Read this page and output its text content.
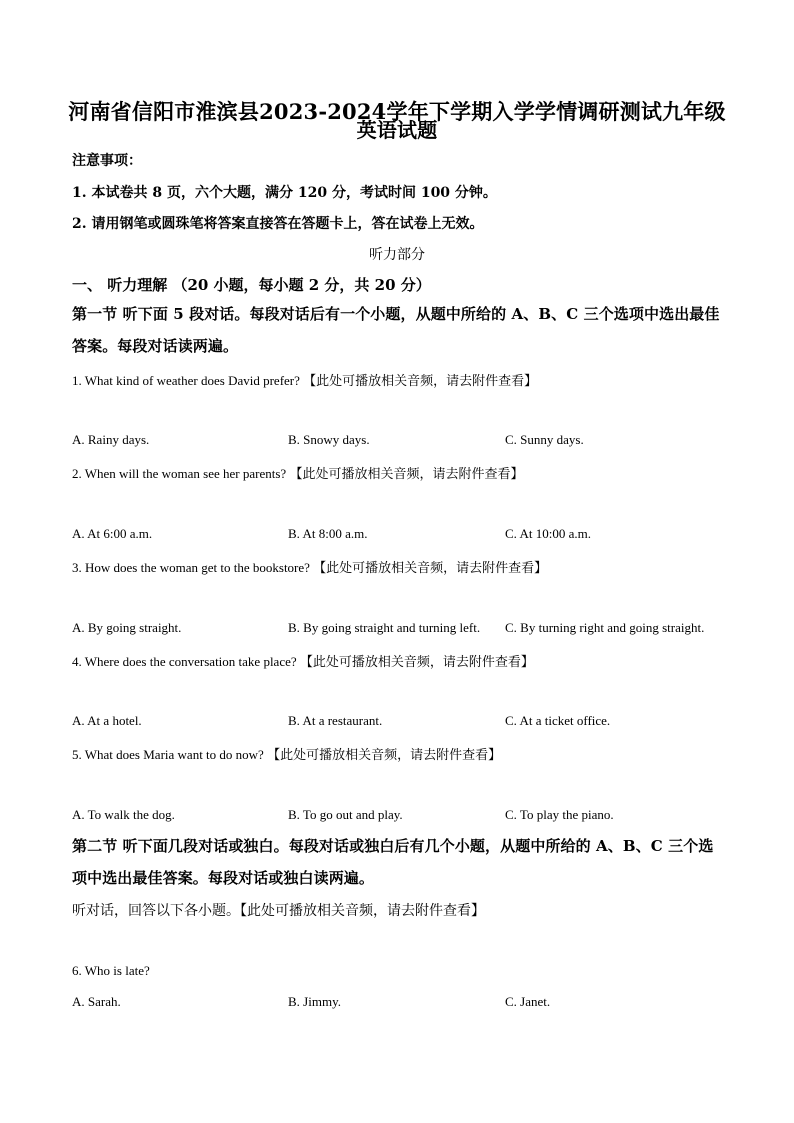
河南省信阳市淮滨县2023-2024学年下学期入学学情调研测试九年级
英语试题
注意事项：
1. 本试卷共 8 页，六个大题，满分 120 分，考试时间 100 分钟。
2. 请用钢笔或圆珠笔将答案直接答在答题卡上，答在试卷上无效。
听力部分
一、 听力理解 （20 小题，每小题 2 分，共 20 分）
第一节 听下面 5 段对话。每段对话后有一个小题，从题中所给的 A、B、C 三个选项中选出最佳答案。每段对话读两遍。
1. What kind of weather does David prefer? 【此处可播放相关音频，请去附件查看】
A. Rainy days.	B. Snowy days.	C. Sunny days.
2. When will the woman see her parents? 【此处可播放相关音频，请去附件查看】
A. At 6:00 a.m.	B. At 8:00 a.m.	C. At 10:00 a.m.
3. How does the woman get to the bookstore? 【此处可播放相关音频，请去附件查看】
A. By going straight.	B. By going straight and turning left. C. By turning right and going straight.
4. Where does the conversation take place? 【此处可播放相关音频，请去附件查看】
A. At a hotel.	B. At a restaurant.	C. At a ticket office.
5. What does Maria want to do now? 【此处可播放相关音频，请去附件查看】
A. To walk the dog.	B. To go out and play.	C. To play the piano.
第二节 听下面几段对话或独白。每段对话或独白后有几个小题，从题中所给的 A、B、C 三个选项中选出最佳答案。每段对话或独白读两遍。
听对话，回答以下各小题。【此处可播放相关音频，请去附件查看】
6. Who is late?
A. Sarah.	B. Jimmy.	C. Janet.
